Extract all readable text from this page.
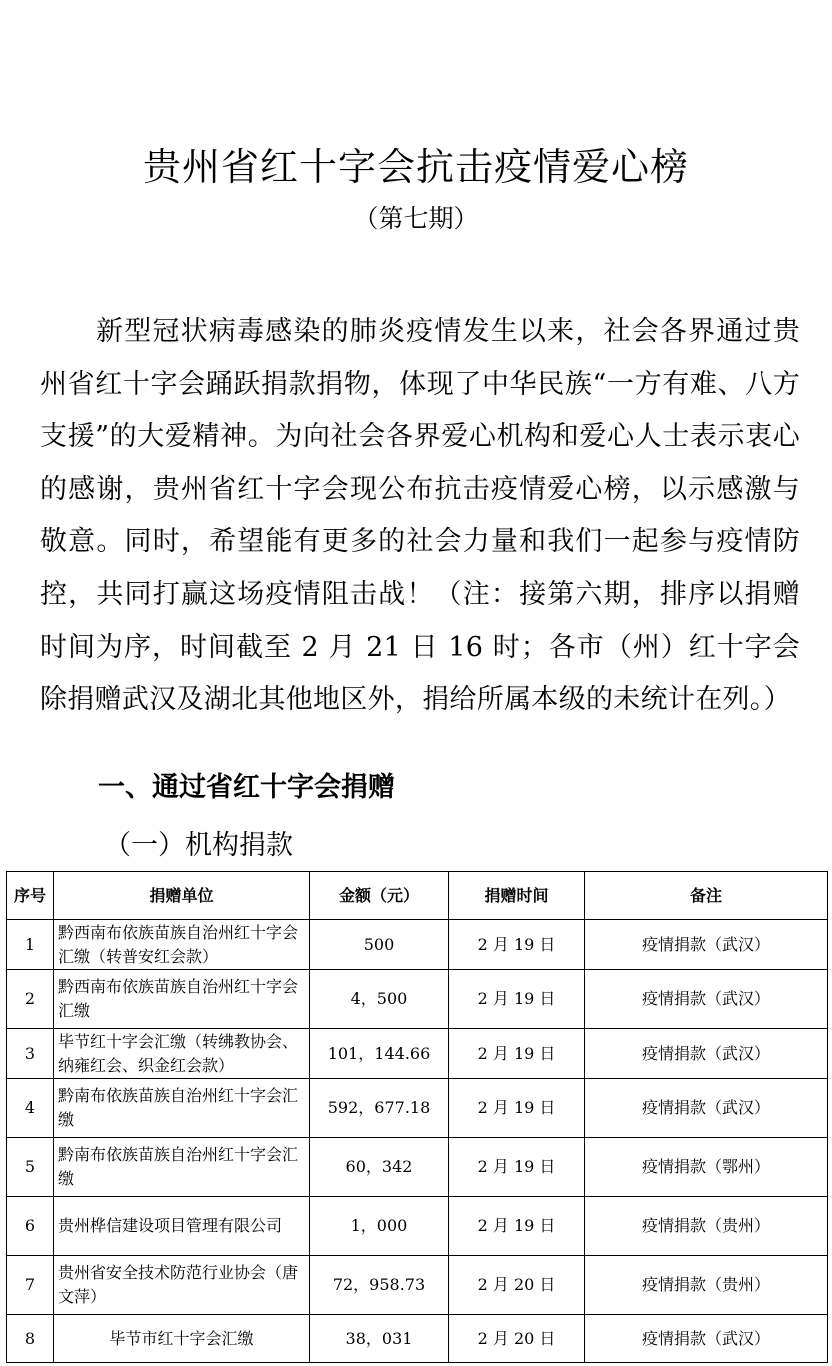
贵州省红十字会抗击疫情爱心榜
（第七期）
新型冠状病毒感染的肺炎疫情发生以来，社会各界通过贵州省红十字会踊跃捐款捐物，体现了中华民族“一方有难、八方支援”的大爱精神。为向社会各界爱心机构和爱心人士表示衷心的感谢，贵州省红十字会现公布抗击疫情爱心榜，以示感激与敬意。同时，希望能有更多的社会力量和我们一起参与疫情防控，共同打赢这场疫情阻击战！（注：接第六期，排序以捐赠时间为序，时间截至 2 月 21 日 16 时；各市（州）红十字会除捐赠武汉及湖北其他地区外，捐给所属本级的未统计在列。）
一、通过省红十字会捐赠
（一）机构捐款
序号	捐赠单位	金额（元）	捐赠时间	备注
1	黔西南布依族苗族自治州红十字会汇缴（转普安红会款）	500	2 月 19 日	疫情捐款（武汉）
2	黔西南布依族苗族自治州红十字会汇缴	4，500	2 月 19 日	疫情捐款（武汉）
3	毕节红十字会汇缴（转绋教协会、纳雍红会、织金红会款）	101，144.66	2 月 19 日	疫情捐款（武汉）
4	黔南布依族苗族自治州红十字会汇缴	592，677.18	2 月 19 日	疫情捐款（武汉）
5	黔南布依族苗族自治州红十字会汇缴	60，342	2 月 19 日	疫情捐款（鄂州）
6	贵州桦信建设项目管理有限公司	1，000	2 月 19 日	疫情捐款（贵州）
7	贵州省安全技术防范行业协会（唐文萍）	72，958.73	2 月 20 日	疫情捐款（贵州）
8	毕节市红十字会汇缴	38，031	2 月 20 日	疫情捐款（武汉）
